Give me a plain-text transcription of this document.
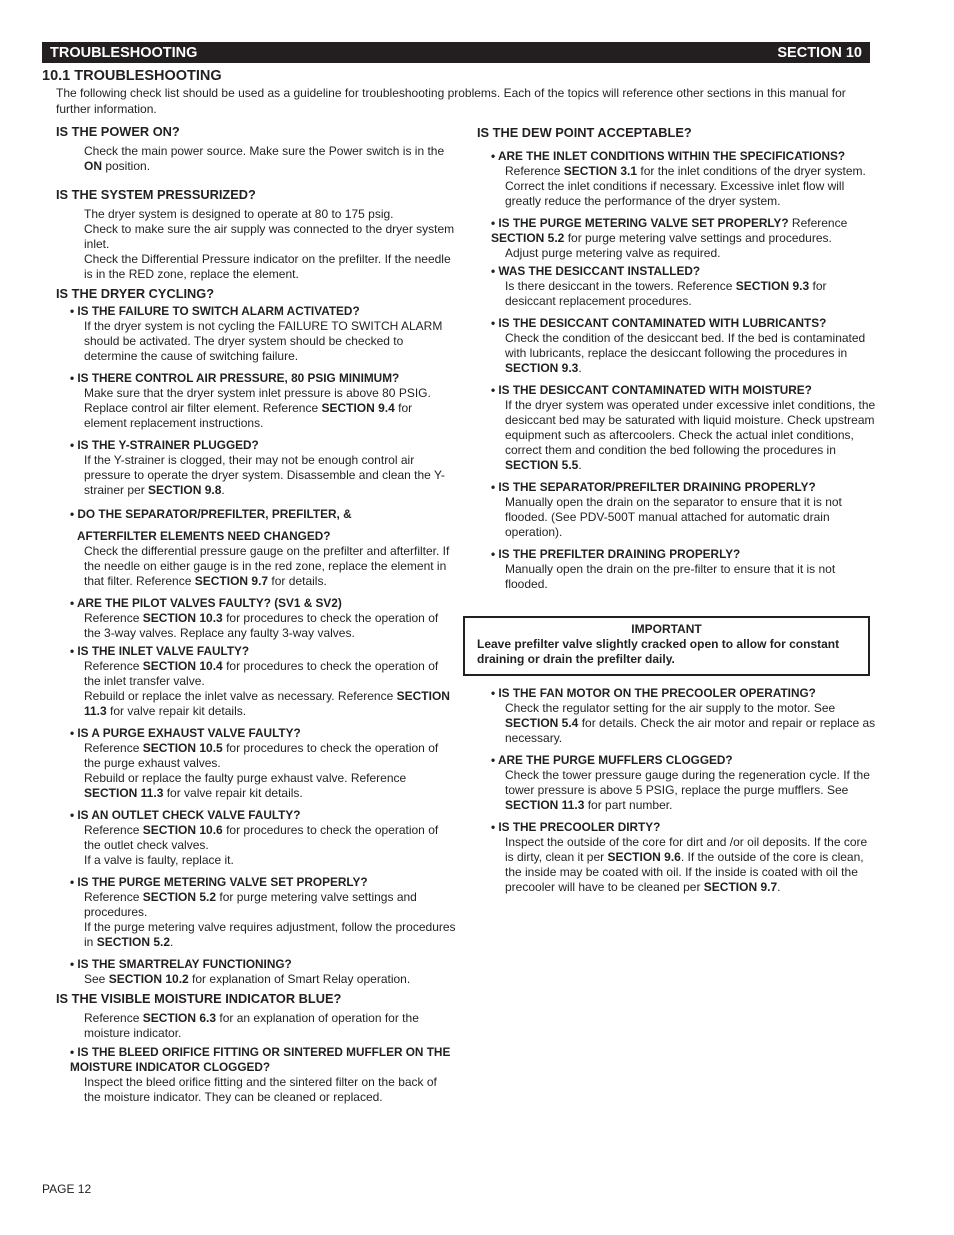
TROUBLESHOOTING	SECTION 10
10.1 TROUBLESHOOTING

The following check list should be used as a guideline for troubleshooting problems. Each of the topics will reference other sections in this manual for further information.

IS THE POWER ON?

Check the main power source. Make sure the Power switch is in the ON position.

IS THE SYSTEM PRESSURIZED?

The dryer system is designed to operate at 80 to 175 psig.

Check to make sure the air supply was connected to the dryer system inlet.

Check the Differential Pressure indicator on the prefilter. If the needle is in the RED zone, replace the element.

IS THE DRYER CYCLING?

• IS THE FAILURE TO SWITCH ALARM ACTIVATED?

If the dryer system is not cycling the FAILURE TO SWITCH ALARM should be activated. The dryer system should be checked to determine the cause of switching failure.

• IS THERE CONTROL AIR PRESSURE, 80 PSIG MINIMUM?

Make sure that the dryer system inlet pressure is above 80 PSIG.

Replace control air filter element. Reference SECTION 9.4 for element replacement instructions.

• IS THE Y-STRAINER PLUGGED?

If the Y-strainer is clogged, their may not be enough control air pressure to operate the dryer system. Disassemble and clean the Y-strainer per SECTION 9.8.

• DO THE SEPARATOR/PREFILTER, PREFILTER, &

AFTERFILTER ELEMENTS NEED CHANGED?

Check the differential pressure gauge on the prefilter and afterfilter. If the needle on either gauge is in the red zone, replace the element in that filter. Reference SECTION 9.7 for details.

• ARE THE PILOT VALVES FAULTY? (SV1 & SV2)

Reference SECTION 10.3 for procedures to check the operation of the 3-way valves. Replace any faulty 3-way valves.

• IS THE INLET VALVE FAULTY?

Reference SECTION 10.4 for procedures to check the operation of the inlet transfer valve.

Rebuild or replace the inlet valve as necessary. Reference SECTION 11.3 for valve repair kit details.

• IS A PURGE EXHAUST VALVE FAULTY?

Reference SECTION 10.5 for procedures to check the operation of the purge exhaust valves.

Rebuild or replace the faulty purge exhaust valve. Reference SECTION 11.3 for valve repair kit details.

• IS AN OUTLET CHECK VALVE FAULTY?

Reference SECTION 10.6 for procedures to check the operation of the outlet check valves.

If a valve is faulty, replace it.

• IS THE PURGE METERING VALVE SET PROPERLY?

Reference SECTION 5.2 for purge metering valve settings and procedures.

If the purge metering valve requires adjustment, follow the procedures in SECTION 5.2.

• IS THE SMARTRELAY FUNCTIONING?

See SECTION 10.2 for explanation of Smart Relay operation.

IS THE VISIBLE MOISTURE INDICATOR BLUE?

Reference SECTION 6.3 for an explanation of operation for the moisture indicator.

• IS THE BLEED ORIFICE FITTING OR SINTERED MUFFLER ON THE MOISTURE INDICATOR CLOGGED?

Inspect the bleed orifice fitting and the sintered filter on the back of the moisture indicator. They can be cleaned or replaced.

IS THE DEW POINT ACCEPTABLE?

• ARE THE INLET CONDITIONS WITHIN THE SPECIFICATIONS?

Reference SECTION 3.1 for the inlet conditions of the dryer system.

Correct the inlet conditions if necessary. Excessive inlet flow will greatly reduce the performance of the dryer system.

• IS THE PURGE METERING VALVE SET PROPERLY? Reference

SECTION 5.2 for purge metering valve settings and procedures.

Adjust purge metering valve as required.

• WAS THE DESICCANT INSTALLED?

Is there desiccant in the towers. Reference SECTION 9.3 for desiccant replacement procedures.

• IS THE DESICCANT CONTAMINATED WITH LUBRICANTS?

Check the condition of the desiccant bed. If the bed is contaminated with lubricants, replace the desiccant following the procedures in SECTION 9.3.

• IS THE DESICCANT CONTAMINATED WITH MOISTURE?

If the dryer system was operated under excessive inlet conditions, the desiccant bed may be saturated with liquid moisture. Check upstream equipment such as aftercoolers. Check the actual inlet conditions, correct them and condition the bed following the procedures in SECTION 5.5.

• IS THE SEPARATOR/PREFILTER DRAINING PROPERLY?

Manually open the drain on the separator to ensure that it is not flooded. (See PDV-500T manual attached for automatic drain operation).

• IS THE PREFILTER DRAINING PROPERLY?

Manually open the drain on the pre-filter to ensure that it is not flooded.

IMPORTANT

Leave prefilter valve slightly cracked open to allow for constant draining or drain the prefilter daily.

• IS THE FAN MOTOR ON THE PRECOOLER OPERATING?

Check the regulator setting for the air supply to the motor. See SECTION 5.4 for details. Check the air motor and repair or replace as necessary.

• ARE THE PURGE MUFFLERS CLOGGED?

Check the tower pressure gauge during the regeneration cycle. If the tower pressure is above 5 PSIG, replace the purge mufflers. See SECTION 11.3 for part number.

• IS THE PRECOOLER DIRTY?

Inspect the outside of the core for dirt and /or oil deposits. If the core is dirty, clean it per SECTION 9.6. If the outside of the core is clean, the inside may be coated with oil. If the inside is coated with oil the precooler will have to be cleaned per SECTION 9.7.

PAGE 12
